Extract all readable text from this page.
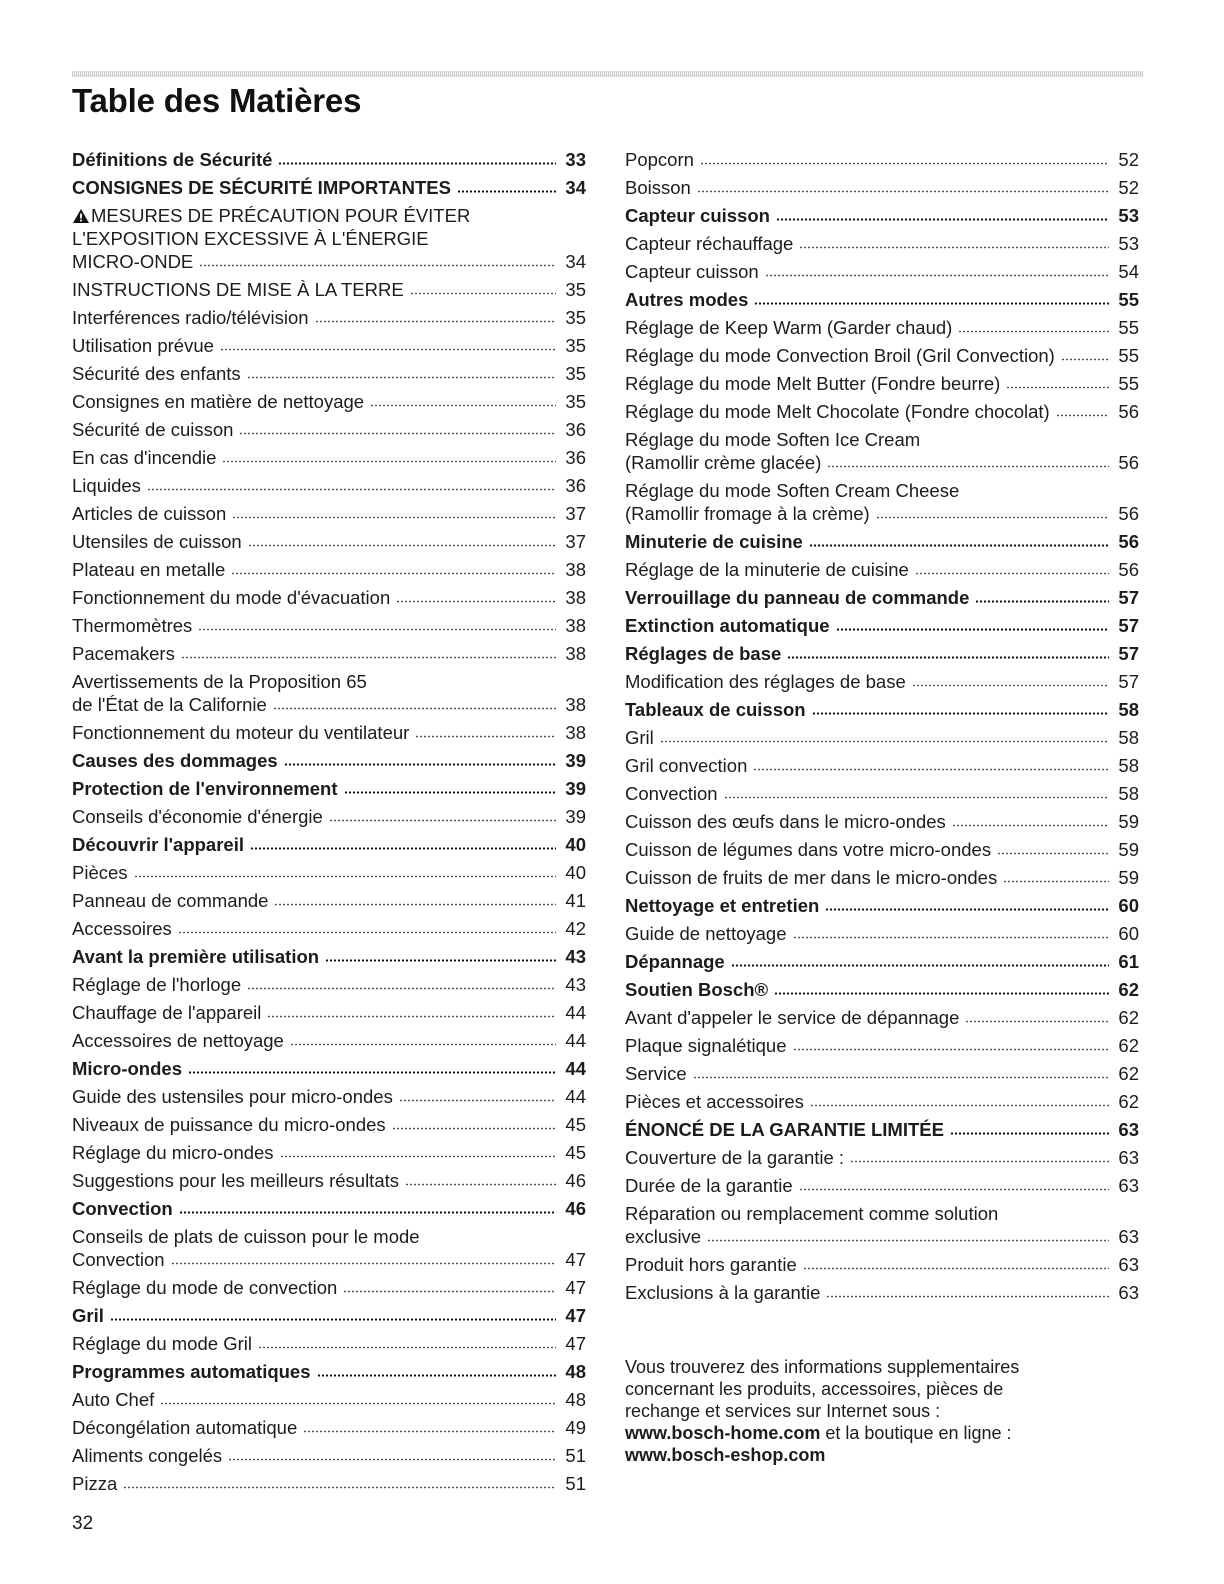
Table des Matières
Définitions de Sécurité	33
CONSIGNES DE SÉCURITÉ IMPORTANTES	34
MESURES DE PRÉCAUTION POUR ÉVITER
L'EXPOSITION EXCESSIVE À L'ÉNERGIE
MICRO-ONDE	34
INSTRUCTIONS DE MISE À LA TERRE	35
Interférences radio/télévision	35
Utilisation prévue	35
Sécurité des enfants	35
Consignes en matière de nettoyage	35
Sécurité de cuisson	36
En cas d'incendie	36
Liquides	36
Articles de cuisson	37
Utensiles de cuisson	37
Plateau en metalle	38
Fonctionnement du mode d'évacuation	38
Thermomètres	38
Pacemakers	38
Avertissements de la Proposition 65
de l'État de la Californie	38
Fonctionnement du moteur du ventilateur	38
Causes des dommages	39
Protection de l'environnement	39
Conseils d'économie d'énergie	39
Découvrir l'appareil	40
Pièces	40
Panneau de commande	41
Accessoires	42
Avant la première utilisation	43
Réglage de l'horloge	43
Chauffage de l'appareil	44
Accessoires de nettoyage	44
Micro-ondes	44
Guide des ustensiles pour micro-ondes	44
Niveaux de puissance du micro-ondes	45
Réglage du micro-ondes	45
Suggestions pour les meilleurs résultats	46
Convection	46
Conseils de plats de cuisson pour le mode
Convection	47
Réglage du mode de convection	47
Gril	47
Réglage du mode Gril	47
Programmes automatiques	48
Auto Chef	48
Décongélation automatique	49
Aliments congelés	51
Pizza	51
Popcorn	52
Boisson	52
Capteur cuisson	53
Capteur réchauffage	53
Capteur cuisson	54
Autres modes	55
Réglage de Keep Warm (Garder chaud)	55
Réglage du mode Convection Broil (Gril Convection)	55
Réglage du mode Melt Butter (Fondre beurre)	55
Réglage du mode Melt Chocolate (Fondre chocolat)	56
Réglage du mode Soften Ice Cream
(Ramollir crème glacée)	56
Réglage du mode Soften Cream Cheese
(Ramollir fromage à la crème)	56
Minuterie de cuisine	56
Réglage de la minuterie de cuisine	56
Verrouillage du panneau de commande	57
Extinction automatique	57
Réglages de base	57
Modification des réglages de base	57
Tableaux de cuisson	58
Gril	58
Gril convection	58
Convection	58
Cuisson des œufs dans le micro-ondes	59
Cuisson de légumes dans votre micro-ondes	59
Cuisson de fruits de mer dans le micro-ondes	59
Nettoyage et entretien	60
Guide de nettoyage	60
Dépannage	61
Soutien Bosch®	62
Avant d'appeler le service de dépannage	62
Plaque signalétique	62
Service	62
Pièces et accessoires	62
ÉNONCÉ DE LA GARANTIE LIMITÉE	63
Couverture de la garantie :	63
Durée de la garantie	63
Réparation ou remplacement comme solution
exclusive	63
Produit hors garantie	63
Exclusions à la garantie	63
Vous trouverez des informations supplementaires
concernant les produits, accessoires, pièces de
rechange et services sur Internet sous :
www.bosch-home.com et la boutique en ligne :
www.bosch-eshop.com
32
